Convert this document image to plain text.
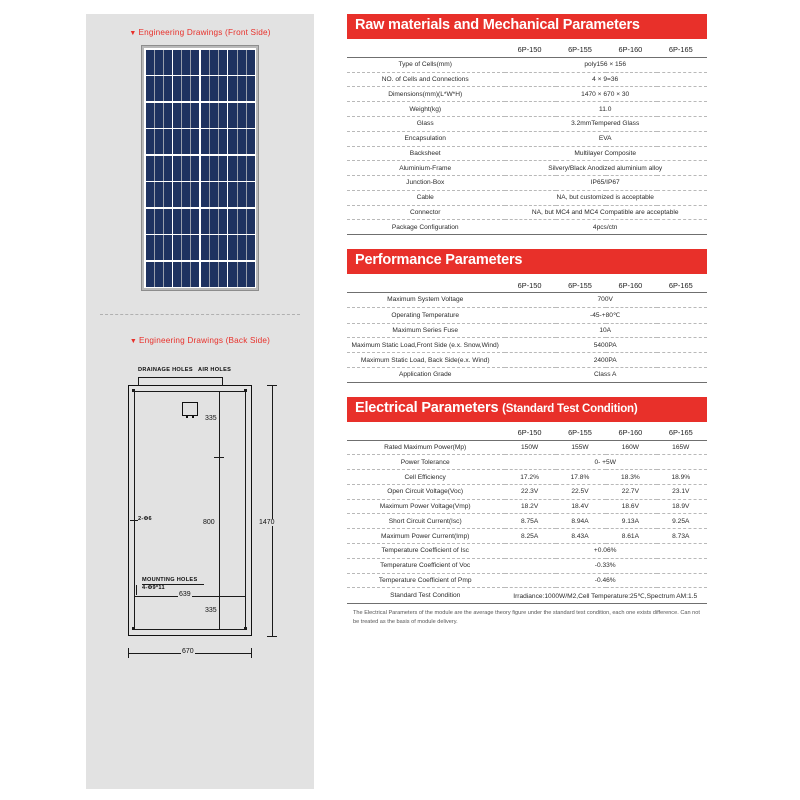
▼ Engineering Drawings (Front Side)
▼ Engineering Drawings (Back Side)
DRAINAGE HOLES AIR HOLES
2-Φ6
MOUNTING HOLES
4-Φ9*11
639
335
800
335
1470
670
Raw materials and Mechanical Parameters
	6P-150	6P-155	6P-160	6P-165
Type of Cells(mm)	poly156 × 156			
NO. of Cells and Connections	4 × 9=36			
Dimensions(mm)(L*W*H)	1470 × 670 × 30			
Weight(kg)	11.0			
Glass	3.2mmTempered Glass			
Encapsulation	EVA			
Backsheet	Multilayer Composite			
Aluminium-Frame	Silvery/Black Anodized aluminium alloy			
Junction-Box	IP65/IP67			
Cable	NA, but customized is acceptable			
Connector	NA, but MC4 and MC4 Compatible are acceptable			
Package Configuration	4pcs/ctn			
Performance Parameters
	6P-150	6P-155	6P-160	6P-165
Maximum System Voltage	700V			
Operating Temperature	-45-+80℃			
Maximum Series Fuse	10A			
Maximum Static Load,Front Side (e.x. Snow,Wind)	5400PA			
Maximum Static Load, Back Side(e.x. Wind)	2400PA			
Application Grade	Class A			
Electrical Parameters (Standard Test Condition)
	6P-150	6P-155	6P-160	6P-165
Rated Maximum Power(Mp)	150W	155W	160W	165W
Power Tolerance	0- +5W			
Cell Efficiency	17.2%	17.8%	18.3%	18.9%
Open Circuit Voltage(Voc)	22.3V	22.5V	22.7V	23.1V
Maximum Power Voltage(Vmp)	18.2V	18.4V	18.6V	18.9V
Short Circuit Current(Isc)	8.75A	8.94A	9.13A	9.25A
Maximum Power Current(Imp)	8.25A	8.43A	8.61A	8.73A
Temperature Coefficient of Isc	+0.06%			
Temperature Coefficient of Voc	-0.33%			
Temperature Coefficient of Pmp	-0.46%			
Standard Test Condition	Irradiance:1000W/M2,Cell Temperature:25℃,Spectrum AM:1.5			
The Electrical Parameters of the module are the average theory figure under the standard test condition, each one exists difference. Can not be treated as the basis of module delivery.
